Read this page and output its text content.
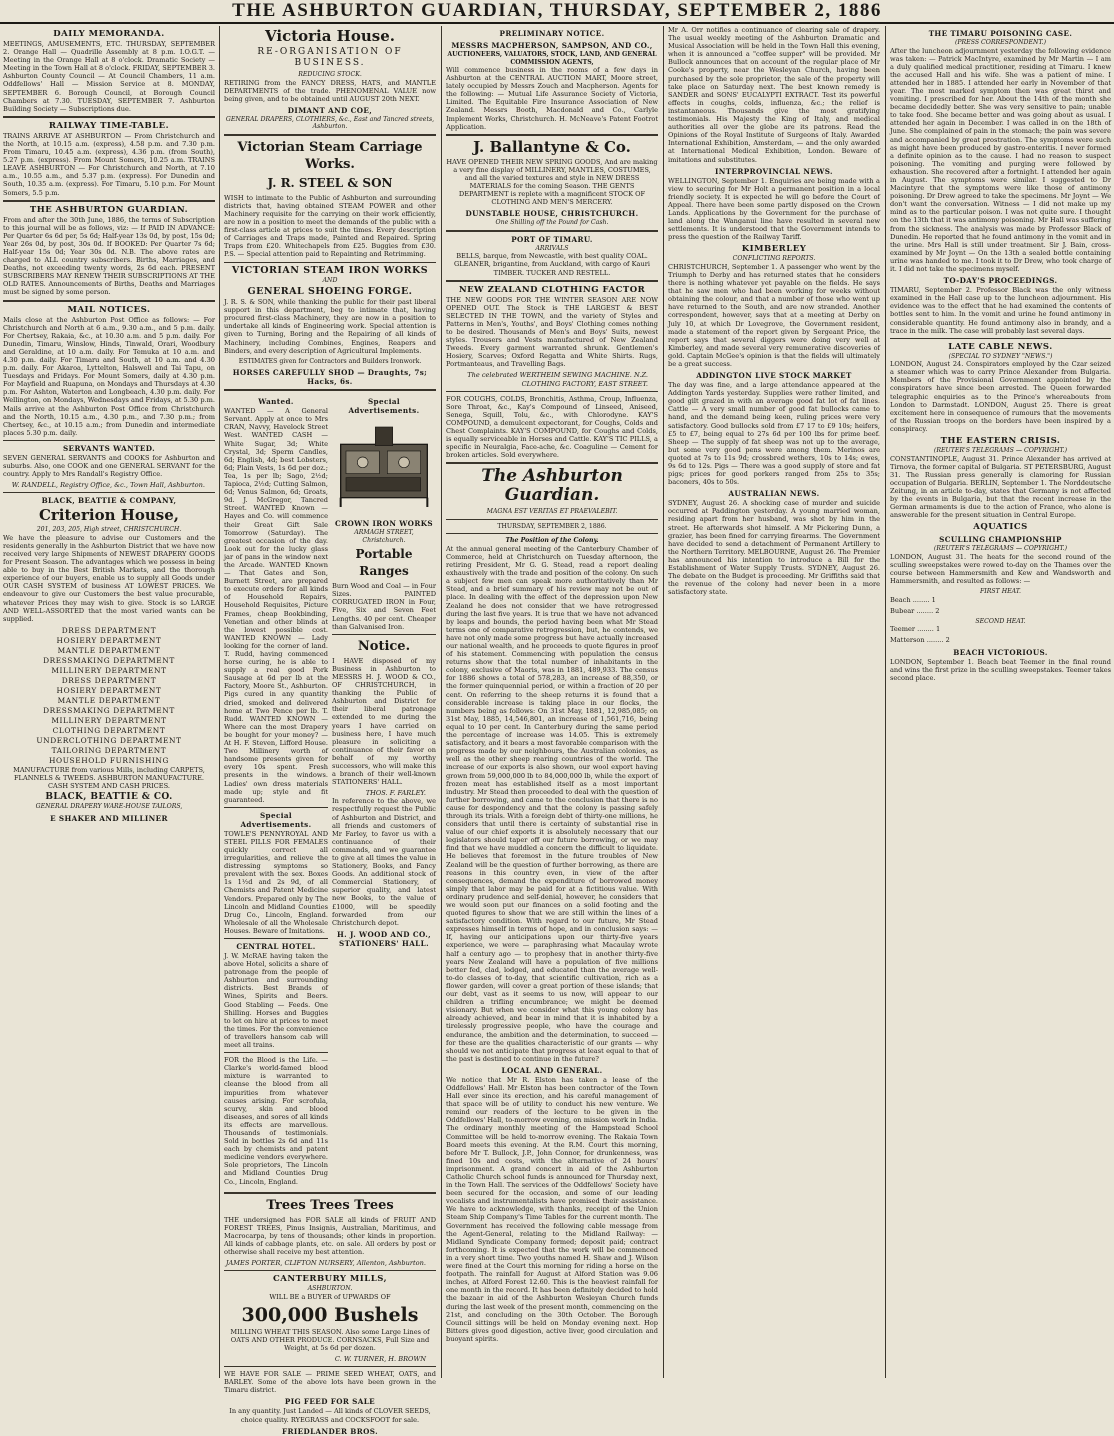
THE ASHBURTON GUARDIAN, THURSDAY, SEPTEMBER 2, 1886
DAILY MEMORANDA.
MEETINGS, AMUSEMENTS, ETC. THURSDAY, SEPTEMBER 2. Orange Hall — Quadrille Assembly at 8 p.m. I.O.G.T. — Meeting in the Orange Hall at 8 o'clock. Dramatic Society — Meeting in the Town Hall at 8 o'clock. FRIDAY, SEPTEMBER 3. Ashburton County Council — At Council Chambers, 11 a.m. Oddfellows' Hall — Mission Service at 8. MONDAY, SEPTEMBER 6. Borough Council, at Borough Council Chambers at 7.30. TUESDAY, SEPTEMBER 7. Ashburton Building Society — Subscriptions due.
RAILWAY TIME-TABLE.
TRAINS ARRIVE AT ASHBURTON — From Christchurch and the North, at 10.15 a.m. (express), 4.58 p.m. and 7.30 p.m. From Timaru, 10.45 a.m. (express), 4.36 p.m. (from South), 5.27 p.m. (express). From Mount Somers, 10.25 a.m. TRAINS LEAVE ASHBURTON — For Christchurch and North, at 7.10 a.m., 10.55 a.m., and 5.37 p.m. (express). For Dunedin and South, 10.35 a.m. (express). For Timaru, 5.10 p.m. For Mount Somers, 5.5 p.m.
THE ASHBURTON GUARDIAN.
From and after the 30th June, 1886, the terms of Subscription to this journal will be as follows, viz: — If PAID IN ADVANCE: Per Quarter 6s 6d per, 5s 6d; Half-year 13s 0d, by post, 15s 0d; Year 26s 0d, by post, 30s 0d. If BOOKED: Per Quarter 7s 6d; Half-year 15s 0d; Year 30s 0d. N.B. The above rates are charged to ALL country subscribers. Births, Marriages, and Deaths, not exceeding twenty words, 2s 6d each. PRESENT SUBSCRIBERS MAY RENEW THEIR SUBSCRIPTIONS AT THE OLD RATES. Announcements of Births, Deaths and Marriages must be signed by some person.
MAIL NOTICES.
Mails close at the Ashburton Post Office as follows: — For Christchurch and North at 6 a.m., 9.30 a.m., and 5 p.m. daily. For Chertsey, Rakaia, &c., at 10.30 a.m. and 5 p.m. daily. For Dunedin, Timaru, Winslow, Hinds, Tinwald, Orari, Woodbury and Geraldine, at 10 a.m. daily. For Temuka at 10 a.m. and 4.30 p.m. daily. For Timaru and South, at 10 a.m. and 4.30 p.m. daily. For Akaroa, Lyttelton, Halswell and Tai Tapu, on Tuesdays and Fridays. For Mount Somers, daily at 4.30 p.m. For Mayfield and Ruapuna, on Mondays and Thursdays at 4.30 p.m. For Ashton, Waterton and Longbeach, 4.30 p.m. daily. For Wellington, on Mondays, Wednesdays and Fridays, at 5.30 p.m. Mails arrive at the Ashburton Post Office from Christchurch and the North, 10.15 a.m., 4.30 p.m., and 7.30 p.m.; from Chertsey, &c., at 10.15 a.m.; from Dunedin and intermediate places 5.30 p.m. daily.
SERVANTS WANTED.
SEVEN GENERAL SERVANTS and COOKS for Ashburton and suburbs. Also, one COOK and one GENERAL SERVANT for the country. Apply to Mrs Randall's Registry Office.
W. RANDELL, Registry Office, &c., Town Hall, Ashburton.
BLACK, BEATTIE & COMPANY,
Criterion House,
201, 203, 205, High street, CHRISTCHURCH.
We have the pleasure to advise our Customers and the residents generally in the Ashburton District that we have now received very large Shipments of NEWEST DRAPERY GOODS for Present Season. The advantages which we possess in being able to buy in the Best British Markets, and the thorough experience of our buyers, enable us to supply all Goods under OUR CASH SYSTEM of business AT LOWEST PRICES. We endeavour to give our Customers the best value procurable, whatever Prices they may wish to give. Stock is so LARGE AND WELL-ASSORTED that the most varied wants can be supplied.
DRESS DEPARTMENT
HOSIERY DEPARTMENT
MANTLE DEPARTMENT
DRESSMAKING DEPARTMENT
MILLINERY DEPARTMENT
DRESS DEPARTMENT
HOSIERY DEPARTMENT
MANTLE DEPARTMENT
DRESSMAKING DEPARTMENT
MILLINERY DEPARTMENT
CLOTHING DEPARTMENT
UNDERCLOTHING DEPARTMENT
TAILORING DEPARTMENT
HOUSEHOLD FURNISHING
MANUFACTURE from various Mills, including CARPETS, FLANNELS & TWEEDS. ASHBURTON MANUFACTURE. CASH SYSTEM AND CASH PRICES.
BLACK, BEATTIE & CO.
GENERAL DRAPERY WARE-HOUSE TAILORS,
E SHAKER AND MILLINER
Victoria House.
RE-ORGANISATION OF BUSINESS.
REDUCING STOCK.
RETIRING from the FANCY DRESS, HATS, and MANTLE DEPARTMENTS of the trade. PHENOMENAL VALUE now being given, and to be obtained until AUGUST 20th NEXT.
DIMANT AND COE,
GENERAL DRAPERS, CLOTHIERS, &c., East and Tancred streets, Ashburton.
Victorian Steam Carriage Works.
J. R. STEEL & SON
WISH to intimate to the Public of Ashburton and surrounding districts that, having obtained STEAM POWER and other Machinery requisite for the carrying on their work efficiently, are now in a position to meet the demands of the public with a first-class article at prices to suit the times. Every description of Carriages and Traps made, Painted and Repaired. Spring Traps from £20. Whitechapels from £25. Buggies from £30. P.S. — Special attention paid to Repainting and Retrimming.
VICTORIAN STEAM IRON WORKS
AND
GENERAL SHOEING FORGE.
J. R. S. & SON, while thanking the public for their past liberal support in this department, beg to intimate that, having procured first-class Machinery, they are now in a position to undertake all kinds of Engineering work. Special attention is given to Turning, Boring and the Repairing of all kinds of Machinery, including Combines, Engines, Reapers and Binders, and every description of Agricultural Implements.
ESTIMATES given for Contractors and Builders Ironwork.
HORSES CAREFULLY SHOD — Draughts, 7s; Hacks, 6s.
Wanted.
WANTED — A General Servant. Apply at once to Mrs CRAN, Navvy, Havelock Street West. WANTED CASH — White Sugar, 3d; White Crystal, 3d; Sperm Candles, 6d; English, 4d; best Lobsters, 6d; Plain Vests, 1s 6d per doz.; Tea, 1s per lb; Sago, 2½d; Tapioca, 2½d; Cutting Salmon, 6d; Venus Salmon, 6d; Groats, 9d. J. McGregor, Tancred Street. WANTED Known — Hayes and Co. will commence their Great Gift Sale Tomorrow (Saturday). The greatest occasion of the day. Look out for the lucky glass jar of pans in the window next the Arcade. WANTED Known — That Gates and Son, Burnett Street, are prepared to execute orders for all kinds of Household Repairs, Household Requisites, Picture Frames, cheap Bookbinding, Venetian and other blinds at the lowest possible cost. WANTED KNOWN — Lady looking for the corner of land. T. Rudd, having commenced horse curing, he is able to supply a real good Pork Sausage at 6d per lb at the Factory, Moore St., Ashburton. Pigs cured in any quantity dried, smoked and delivered home at Two Pence per lb. T. Rudd. WANTED KNOWN — Where can the most Drapery be bought for your money? — At H. F. Steven, Lifford House. Two Millinery worth of handsome presents given for every 10s spent. Fresh presents in the windows. Ladies' own dress materials made up; style and fit guaranteed.
Special Advertisements.
TOWLE'S PENNYROYAL AND STEEL PILLS FOR FEMALES quickly correct all irregularities, and relieve the distressing symptoms so prevalent with the sex. Boxes 1s 1½d and 2s 9d, of all Chemists and Patent Medicine Vendors. Prepared only by The Lincoln and Midland Counties Drug Co., Lincoln, England. Wholesale of all the Wholesale Houses. Beware of Imitations.
CENTRAL HOTEL.
J. W. McRAE having taken the above Hotel, solicits a share of patronage from the people of Ashburton and surrounding districts. Best Brands of Wines, Spirits and Beers. Good Stabling — Feeds. One Shilling. Horses and Buggies to let on hire at prices to meet the times. For the convenience of travellers hansom cab will meet all trains.
FOR the Blood is the Life. — Clarke's world-famed blood mixture is warranted to cleanse the blood from all impurities from whatever causes arising. For scrofula, scurvy, skin and blood diseases, and sores of all kinds its effects are marvellous. Thousands of testimonials. Sold in bottles 2s 6d and 11s each by chemists and patent medicine vendors everywhere. Sole proprietors, The Lincoln and Midland Counties Drug Co., Lincoln, England.
Special Advertisements.
CROWN IRON WORKS
ARMAGH STREET, Christchurch.
Portable Ranges
Burn Wood and Coal — in Four Sizes. PAINTED CORRUGATED IRON in Four, Five, Six and Seven Feet Lengths. 40 per cent. Cheaper than Galvanised Iron.
Notice.
I HAVE disposed of my Business in Ashburton to MESSRS H. J. WOOD & CO., OF CHRISTCHURCH, in thanking the Public of Ashburton and District for their liberal patronage extended to me during the years I have carried on business here, I have much pleasure in soliciting a continuance of their favor on behalf of my worthy successors, who will make this a branch of their well-known STATIONERS' HALL.
THOS. F. FARLEY.
In reference to the above, we respectfully request the Public of Ashburton and District, and all friends and customers of Mr Farley, to favor us with a continuance of their commands, and we guarantee to give at all times the value in Stationery, Books, and Fancy Goods. An additional stock of Commercial Stationery, of superior quality, and latest new Books, to the value of £1000, will be speedily forwarded from our Christchurch depot.
H. J. WOOD AND CO., STATIONERS' HALL.
Trees Trees Trees
THE undersigned has FOR SALE all kinds of FRUIT AND FOREST TREES, Pinus Insignis, Australian, Maritimus, and Macrocarpa, by tens of thousands; other kinds in proportion. All kinds of cabbage plants, etc. on sale. All orders by post or otherwise shall receive my best attention.
JAMES PORTER, CLIFTON NURSERY, Allenton, Ashburton.
CANTERBURY MILLS,
ASHBURTON.
WILL BE a BUYER of UPWARDS OF
300,000 Bushels
MILLING WHEAT THIS SEASON. Also some Large Lines of OATS AND OTHER PRODUCE. CORNSACKS, Full Size and Weight, at 5s 6d per dozen.
C. W. TURNER, H. BROWN
WE HAVE FOR SALE — PRIME SEED WHEAT, OATS, and BARLEY. Some of the above lots have been grown in the Timaru district.
PIG FEED FOR SALE
In any quantity. Just Landed — All kinds of CLOVER SEEDS, choice quality. RYEGRASS and COCKSFOOT for sale.
FRIEDLANDER BROS.
PRELIMINARY NOTICE.
MESSRS MACPHERSON, SAMPSON, AND CO.,
AUCTIONEERS, VALUATORS, STOCK, LAND, AND GENERAL COMMISSION AGENTS,
Will commence business in the rooms of a few days in Ashburton at the CENTRAL AUCTION MART, Moore street, lately occupied by Messrs Zouch and Macpherson. Agents for the following: — Mutual Life Assurance Society of Victoria, Limited. The Equitable Fire Insurance Association of New Zealand. Messrs Booth, Macdonald and Co., Carlyle Implement Works, Christchurch. H. McNeave's Patent Footrot Application.
J. Ballantyne & Co.
HAVE OPENED THEIR NEW SPRING GOODS, And are making a very fine display of MILLINERY, MANTLES, COSTUMES, and all the varied textures and style in NEW DRESS MATERIALS for the coming Season. THE GENTS DEPARTMENT is replete with a magnificent STOCK OF CLOTHING AND MEN'S MERCERY.
DUNSTABLE HOUSE, CHRISTCHURCH.
One Shilling off the Pound for Cash.
PORT OF TIMARU.
ARRIVALS
BELLS, barque, from Newcastle, with best quality COAL. GLEANER, brigantine, from Auckland, with cargo of Kauri TIMBER. TUCKER AND RESTELL.
NEW ZEALAND CLOTHING FACTOR
THE NEW GOODS FOR THE WINTER SEASON ARE NOW OPENED OUT. The Stock is THE LARGEST & BEST SELECTED IN THE TOWN, and the variety of Styles and Patterns in Men's, Youths', and Boys' Clothing comes nothing to be desired. Thousands of Men's and Boys' Suits, newest styles. Trousers and Vests manufactured of New Zealand Tweeds. Every garment warranted shrunk. Gentlemen's Hosiery, Scarves; Oxford Regatta and White Shirts. Rugs, Portmanteaus, and Travelling Bags.
The celebrated WERTHEIM SEWING MACHINE. N.Z. CLOTHING FACTORY, EAST STREET.
FOR COUGHS, COLDS, Bronchitis, Asthma, Croup, Influenza, Sore Throat, &c., Kay's Compound of Linseed, Aniseed, Senega, Squill, Tolu, &c., with Chlorodyne. KAY'S COMPOUND, a demulcent expectorant, for Coughs, Colds and Chest Complaints. KAY'S COMPOUND, for Coughs and Colds, is equally serviceable in Horses and Cattle. KAY'S TIC PILLS, a specific in Neuralgia, Face-ache, &c. Coaguline — Cement for broken articles. Sold everywhere.
The Ashburton Guardian.
MAGNA EST VERITAS ET PRAEVALEBIT.
THURSDAY, SEPTEMBER 2, 1886.
The Position of the Colony.
At the annual general meeting of the Canterbury Chamber of Commerce, held at Christchurch on Tuesday afternoon, the retiring President, Mr G. G. Stead, read a report dealing exhaustively with the trade and position of the colony. On such a subject few men can speak more authoritatively than Mr Stead, and a brief summary of his review may not be out of place. In dealing with the effect of the depression upon New Zealand he does not consider that we have retrogressed during the last five years. It is true that we have not advanced by leaps and bounds, the period having been what Mr Stead terms one of comparative retrogression, but, he contends, we have not only made some progress but have actually increased our national wealth, and he proceeds to quote figures in proof of his statement. Commencing with population the census returns show that the total number of inhabitants in the colony, exclusive of Maoris, was in 1881, 489,933. The census for 1886 shows a total of 578,283, an increase of 88,350, or the former quinquennial period, or within a fraction of 20 per cent. On referring to the sheep returns it is found that a considerable increase is taking place in our flocks, the numbers being as follows: On 31st May, 1881, 12,985,085; on 31st May, 1885, 14,546,801, an increase of 1,561,716, being equal to 10 per cent. In Canterbury during the same period the percentage of increase was 14.05. This is extremely satisfactory, and it bears a most favorable comparison with the progress made by our neighbours, the Australian colonies, as well as the other sheep rearing countries of the world. The increase of our exports is also shown, our wool export having grown from 59,000,000 lb to 84,000,000 lb, while the export of frozen meat has established itself as a most important industry. Mr Stead then proceeded to deal with the question of further borrowing, and came to the conclusion that there is no cause for despondency and that the colony is passing safely through its trials. With a foreign debt of thirty-one millions, he considers that until there is certainty of substantial rise in value of our chief exports it is absolutely necessary that our legislators should taper off our future borrowing, or we may find that we have muddled a concern the difficult to liquidate. He believes that foremost in the future troubles of New Zealand will be the question of further borrowing, as there are reasons in this country even, in view of the after consequences, demand the expenditure of borrowed money simply that labor may be paid for at a fictitious value. With ordinary prudence and self-denial, however, he considers that we would soon put our finances on a solid footing and the quoted figures to show that we are still within the lines of a satisfactory condition. With regard to our future, Mr Stead expresses himself in terms of hope, and in conclusion says: — If, having our anticipations upon our thirty-five years experience, we were — paraphrasing what Macaulay wrote half a century ago — to prophesy that in another thirty-five years New Zealand will have a population of five millions better fed, clad, lodged, and educated than the average well-to-do classes of to-day, that scientific cultivation, rich as a flower garden, will cover a great portion of these islands; that our debt, vast as it seems to us now, will appear to our children a trifling encumbrance; we might be deemed visionary. But when we consider what this young colony has already achieved, and bear in mind that it is inhabited by a tirelessly progressive people, who have the courage and endurance, the ambition and the determination, to succeed — for these are the qualities characteristic of our grants — why should we not anticipate that progress at least equal to that of the past is destined to continue in the future?
LOCAL AND GENERAL.
We notice that Mr R. Elston has taken a lease of the Oddfellows' Hall. Mr Elston has been contractor of the Town Hall ever since its erection, and his careful management of that space will be of utility to conduct his new venture. We remind our readers of the lecture to be given in the Oddfellows' Hall, to-morrow evening, on mission work in India. The ordinary monthly meeting of the Hampstead School Committee will be held to-morrow evening. The Rakaia Town Board meets this evening. At the R.M. Court this morning, before Mr T. Bullock, J.P., John Connor, for drunkenness, was fined 10s and costs, with the alternative of 24 hours' imprisonment. A grand concert in aid of the Ashburton Catholic Church school funds is announced for Thursday next, in the Town Hall. The services of the Oddfellows' Society have been secured for the occasion, and some of our leading vocalists and instrumentalists have promised their assistance. We have to acknowledge, with thanks, receipt of the Union Steam Ship Company's Time Tables for the current month. The Government has received the following cable message from the Agent-General, relating to the Midland Railway: — Midland Syndicate Company formed; deposit paid; contract forthcoming. It is expected that the work will be commenced in a very short time. Two youths named H. Shaw and J. Wilson were fined at the Court this morning for riding a horse on the footpath. The rainfall for August at Alford Station was 9.06 inches, at Alford Forest 12.60. This is the heaviest rainfall for one month in the record. It has been definitely decided to hold the bazaar in aid of the Ashburton Wesleyan Church funds during the last week of the present month, commencing on the 21st, and concluding on the 30th October. The Borough Council sittings will be held on Monday evening next. Hop Bitters gives good digestion, active liver, good circulation and buoyant spirits.
Mr A. Orr notifies a continuance of clearing sale of drapery. The usual weekly meeting of the Ashburton Dramatic and Musical Association will be held in the Town Hall this evening, when it is announced a "coffee supper" will be provided. Mr Bullock announces that on account of the regular place of Mr Cooke's property, near the Wesleyan Church, having been purchased by the sole proprietor, the sale of the property will take place on Saturday next. The best known remedy is SANDER and SONS' EUCALYPTI EXTRACT. Test its powerful effects in coughs, colds, influenza, &c.; the relief is instantaneous. Thousands give the most gratifying testimonials. His Majesty the King of Italy, and medical authorities all over the globe are its patrons. Read the Opinions of the Royal Institute of Surgeons of Italy. Awarded International Exhibition, Amsterdam, — and the only awarded at International Medical Exhibition, London. Beware of imitations and substitutes.
INTERPROVINCIAL NEWS.
WELLINGTON, September 1. Enquiries are being made with a view to securing for Mr Holt a permanent position in a local friendly society. It is expected he will go before the Court of Appeal. There have been some partly disposed on the Crown Lands. Applications by the Government for the purchase of land along the Wanganui line have resulted in several new settlements. It is understood that the Government intends to press the question of the Railway Tariff.
KIMBERLEY
CONFLICTING REPORTS.
CHRISTCHURCH, September 1. A passenger who went by the Triumph to Derby and has returned states that he considers there is nothing whatever yet payable on the fields. He says that he saw men who had been working for weeks without obtaining the colour, and that a number of those who went up have returned to the South, and are now stranded. Another correspondent, however, says that at a meeting at Derby on July 10, at which Dr Lovegrove, the Government resident, made a statement of the report given by Sergeant Price, the report says that several diggers were doing very well at Kimberley, and made several very remunerative discoveries of gold. Captain McGee's opinion is that the fields will ultimately be a great success.
ADDINGTON LIVE STOCK MARKET
The day was fine, and a large attendance appeared at the Addington Yards yesterday. Supplies were rather limited, and good gilt grazed in with an average good fat lot of fat lines. Cattle — A very small number of good fat bullocks came to hand, and the demand being keen, ruling prices were very satisfactory. Good bullocks sold from £7 17 to £9 10s; heifers, £5 to £7, being equal to 27s 6d per 100 lbs for prime beef. Sheep — The supply of fat sheep was not up to the average, but some very good pens were among them. Merinos are quoted at 7s to 11s 9d; crossbred wethers, 10s to 14s; ewes, 9s 6d to 12s. Pigs — There was a good supply of store and fat pigs; prices for good porkers ranged from 25s to 35s; baconers, 40s to 50s.
AUSTRALIAN NEWS.
SYDNEY, August 26. A shocking case of murder and suicide occurred at Paddington yesterday. A young married woman, residing apart from her husband, was shot by him in the street. He afterwards shot himself. A Mr Pickering Dunn, a grazier, has been fined for carrying firearms. The Government have decided to send a detachment of Permanent Artillery to the Northern Territory. MELBOURNE, August 26. The Premier has announced his intention to introduce a Bill for the Establishment of Water Supply Trusts. SYDNEY, August 26. The debate on the Budget is proceeding. Mr Griffiths said that the revenue of the colony had never been in a more satisfactory state.
THE TIMARU POISONING CASE.
(PRESS CORRESPONDENT.)
After the luncheon adjournment yesterday the following evidence was taken: — Patrick MacIntyre, examined by Mr Martin — I am a duly qualified medical practitioner, residing at Timaru. I knew the accused Hall and his wife. She was a patient of mine. I attended her in 1885. I attended her early in November of that year. The most marked symptom then was great thirst and vomiting. I prescribed for her. About the 14th of the month she became decidedly better. She was very sensitive to pain; unable to take food. She became better and was going about as usual. I attended her again in December. I was called in on the 18th of June. She complained of pain in the stomach; the pain was severe and accompanied by great prostration. The symptoms were such as might have been produced by gastro-enteritis. I never formed a definite opinion as to the cause. I had no reason to suspect poisoning. The vomiting and purging were followed by exhaustion. She recovered after a fortnight. I attended her again in August. The symptoms were similar. I suggested to Dr Macintyre that the symptoms were like those of antimony poisoning. Dr Drew agreed to take the specimens. Mr Joynt — We don't want the conversation. Witness — I did not make up my mind as to the particular poison. I was not quite sure. I thought on the 13th that it was antimony poisoning. Mr Hall was suffering from the sickness. The analysis was made by Professor Black of Dunedin. He reported that he found antimony in the vomit and in the urine. Mrs Hall is still under treatment. Sir J. Bain, cross-examined by Mr Joynt — On the 13th a sealed bottle containing urine was handed to me. I took it to Dr Drew, who took charge of it. I did not take the specimens myself.
TO-DAY'S PROCEEDINGS.
TIMARU, September 2. Professor Black was the only witness examined in the Hall case up to the luncheon adjournment. His evidence was to the effect that he had examined the contents of bottles sent to him. In the vomit and urine he found antimony in considerable quantity. He found antimony also in brandy, and a trace in the milk. The case will probably last several days.
LATE CABLE NEWS.
(SPECIAL TO SYDNEY "NEWS.")
LONDON, August 24. Conspirators employed by the Czar seized a steamer which was to carry Prince Alexander from Bulgaria. Members of the Provisional Government appointed by the conspirators have since been arrested. The Queen forwarded telegraphic enquiries as to the Prince's whereabouts from London to Darmstadt. LONDON, August 25. There is great excitement here in consequence of rumours that the movements of the Russian troops on the borders have been inspired by a conspiracy.
THE EASTERN CRISIS.
(REUTER'S TELEGRAMS — COPYRIGHT.)
CONSTANTINOPLE, August 31. Prince Alexander has arrived at Tirnova, the former capital of Bulgaria. ST PETERSBURG, August 31. The Russian press generally is clamoring for Russian occupation of Bulgaria. BERLIN, September 1. The Norddeutsche Zeitung, in an article to-day, states that Germany is not affected by the events in Bulgaria, but that the recent increase in the German armaments is due to the action of France, who alone is answerable for the present situation in Central Europe.
AQUATICS
SCULLING CHAMPIONSHIP
(REUTER'S TELEGRAMS — COPYRIGHT.)
LONDON, August 31. The heats for the second round of the sculling sweepstakes were rowed to-day on the Thames over the course between Hammersmith and Kew and Wandsworth and Hammersmith, and resulted as follows: —
FIRST HEAT.
Beach ........ 1
Bubear ........ 2
SECOND HEAT.
Teemer ........ 1
Matterson ........ 2
BEACH VICTORIOUS.
LONDON, September 1. Beach beat Teemer in the final round and wins the first prize in the sculling sweepstakes. Teemer takes second place.
